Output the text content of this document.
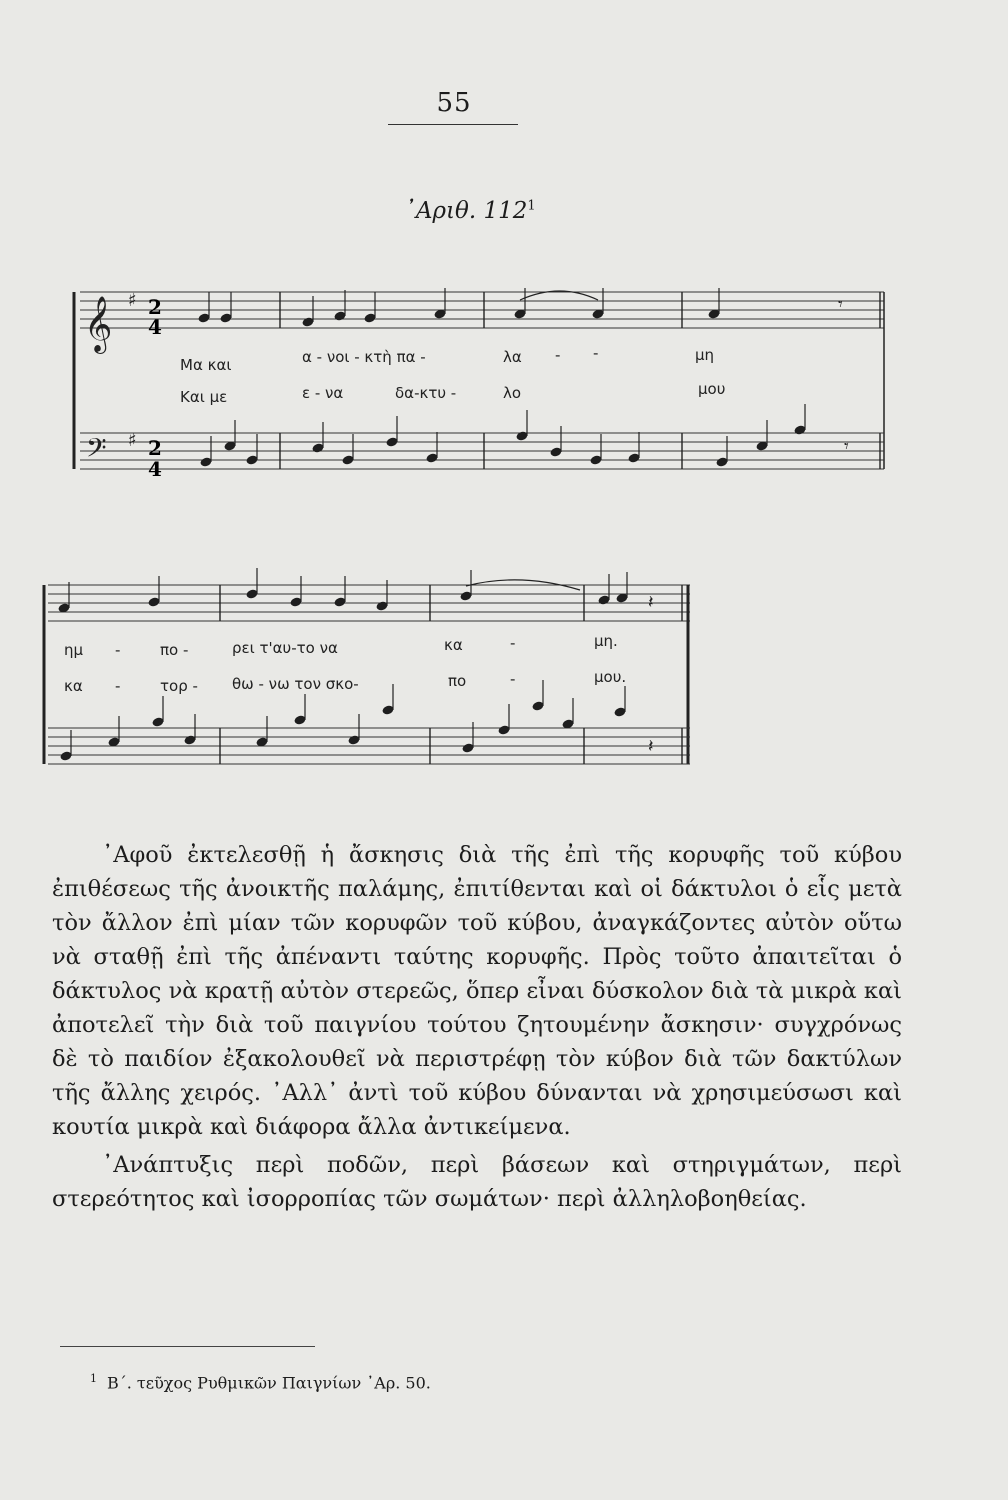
55
᾿Αριθ. $112^1$
𝄞 ♯	𝄾
𝄢 ♯	𝄾
Μα και	α - νοι - κτὴ πα -	λα - -	μη
Και με	ε - να	δα-κτυ -	λο	μου
𝄽
𝄽
ημ -	πο -	ρει τ'αυ-το να	κα	-	μη.
κα -	τορ - θω - νω τον σκο-	πο	-	μου.
2
4
2
4

᾿Αφοῦ ἐκτελεσθῇ ἡ ἄσκησις διὰ τῆς ἐπὶ τῆς κορυφῆς τοῦ κύβου ἐπιθέσεως τῆς ἀνοικτῆς παλάμης, ἐπιτίθενται καὶ οἱ δάκτυλοι ὁ εἷς μετὰ τὸν ἄλλον ἐπὶ μίαν τῶν κορυφῶν τοῦ κύβου, ἀναγκάζοντες αὐτὸν οὕτω νὰ σταθῇ ἐπὶ τῆς ἀπέναντι ταύτης κορυφῆς. Πρὸς τοῦτο ἀπαιτεῖται ὁ δάκτυλος νὰ κρατῇ αὐτὸν στερεῶς, ὅπερ εἶναι δύσκολον διὰ τὰ μικρὰ καὶ ἀποτελεῖ τὴν διὰ τοῦ παιγνίου τούτου ζητουμένην ἄσκησιν· συγχρόνως δὲ τὸ παιδίον ἐξακολουθεῖ νὰ περιστρέφῃ τὸν κύβον διὰ τῶν δακτύλων τῆς ἄλλης χειρός. ᾿Αλλ᾿ ἀντὶ τοῦ κύβου δύνανται νὰ χρησιμεύσωσι καὶ κουτία μικρὰ καὶ διάφορα ἄλλα ἀντικείμενα.

᾿Ανάπτυξις περὶ ποδῶν, περὶ βάσεων καὶ στηριγμάτων, περὶ στερεότητος καὶ ἰσορροπίας τῶν σωμάτων· περὶ ἀλληλοβοηθείας.

$^1$ Β΄. τεῦχος Ρυθμικῶν Παιγνίων ᾿Αρ. 50.
